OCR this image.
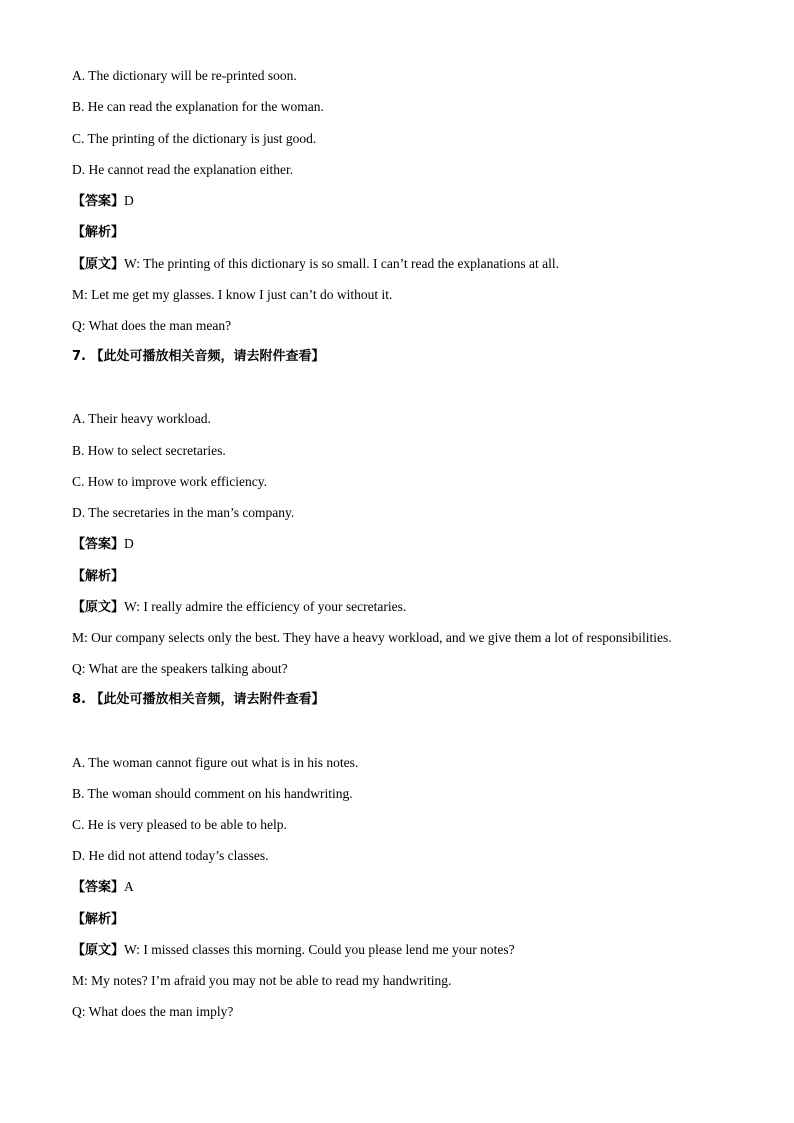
A. The dictionary will be re-printed soon.
B. He can read the explanation for the woman.
C. The printing of the dictionary is just good.
D. He cannot read the explanation either.
【答案】D
【解析】
【原文】W: The printing of this dictionary is so small. I can’t read the explanations at all.
M: Let me get my glasses. I know I just can’t do without it.
Q: What does the man mean?
7. 【此处可播放相关音频，请去附件查看】
A. Their heavy workload.
B. How to select secretaries.
C. How to improve work efficiency.
D. The secretaries in the man’s company.
【答案】D
【解析】
【原文】W: I really admire the efficiency of your secretaries.
M: Our company selects only the best. They have a heavy workload, and we give them a lot of responsibilities.
Q: What are the speakers talking about?
8. 【此处可播放相关音频，请去附件查看】
A. The woman cannot figure out what is in his notes.
B. The woman should comment on his handwriting.
C. He is very pleased to be able to help.
D. He did not attend today’s classes.
【答案】A
【解析】
【原文】W: I missed classes this morning. Could you please lend me your notes?
M: My notes? I’m afraid you may not be able to read my handwriting.
Q: What does the man imply?
